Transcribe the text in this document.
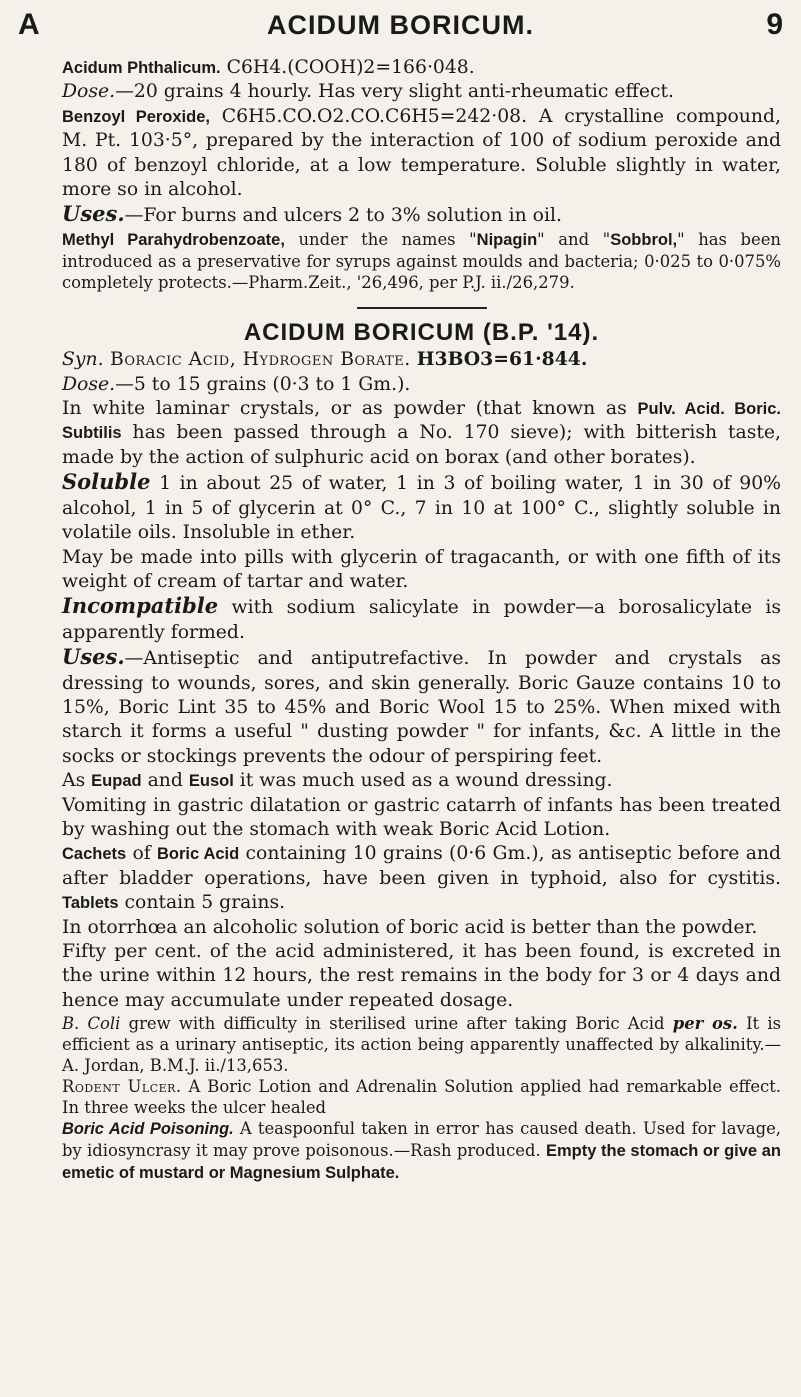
A	ACIDUM BORICUM.	9

Acidum Phthalicum. C6H4.(COOH)2=166·048.
Dose.—20 grains 4 hourly. Has very slight anti-rheumatic effect.

Benzoyl Peroxide, C6H5.CO.O2.CO.C6H5=242·08. A crystalline compound, M. Pt. 103·5°, prepared by the interaction of 100 of sodium peroxide and 180 of benzoyl chloride, at a low temperature. Soluble slightly in water, more so in alcohol.

Uses.—For burns and ulcers 2 to 3% solution in oil.

Methyl Parahydrobenzoate, under the names "Nipagin" and "Sobbrol," has been introduced as a preservative for syrups against moulds and bacteria; 0·025 to 0·075% completely protects.—Pharm.Zeit., '26,496, per P.J. ii./26,279.

ACIDUM BORICUM (B.P. '14).

Syn. Boracic Acid, Hydrogen Borate. H3BO3=61·844.

Dose.—5 to 15 grains (0·3 to 1 Gm.).

In white laminar crystals, or as powder (that known as Pulv. Acid. Boric. Subtilis has been passed through a No. 170 sieve); with bitterish taste, made by the action of sulphuric acid on borax (and other borates).

Soluble 1 in about 25 of water, 1 in 3 of boiling water, 1 in 30 of 90% alcohol, 1 in 5 of glycerin at 0° C., 7 in 10 at 100° C., slightly soluble in volatile oils. Insoluble in ether.

May be made into pills with glycerin of tragacanth, or with one fifth of its weight of cream of tartar and water.

Incompatible with sodium salicylate in powder—a borosalicylate is apparently formed.

Uses.—Antiseptic and antiputrefactive. In powder and crystals as dressing to wounds, sores, and skin generally. Boric Gauze contains 10 to 15%, Boric Lint 35 to 45% and Boric Wool 15 to 25%. When mixed with starch it forms a useful " dusting powder " for infants, &c. A little in the socks or stockings prevents the odour of perspiring feet.

As Eupad and Eusol it was much used as a wound dressing.

Vomiting in gastric dilatation or gastric catarrh of infants has been treated by washing out the stomach with weak Boric Acid Lotion.

Cachets of Boric Acid containing 10 grains (0·6 Gm.), as antiseptic before and after bladder operations, have been given in typhoid, also for cystitis. Tablets contain 5 grains.

In otorrhœa an alcoholic solution of boric acid is better than the powder.

Fifty per cent. of the acid administered, it has been found, is excreted in the urine within 12 hours, the rest remains in the body for 3 or 4 days and hence may accumulate under repeated dosage.

B. Coli grew with difficulty in sterilised urine after taking Boric Acid per os. It is efficient as a urinary antiseptic, its action being apparently unaffected by alkalinity.—A. Jordan, B.M.J. ii./13,653.

Rodent Ulcer. A Boric Lotion and Adrenalin Solution applied had remarkable effect. In three weeks the ulcer healed

Boric Acid Poisoning. A teaspoonful taken in error has caused death. Used for lavage, by idiosyncrasy it may prove poisonous.—Rash produced. Empty the stomach or give an emetic of mustard or Magnesium Sulphate.
